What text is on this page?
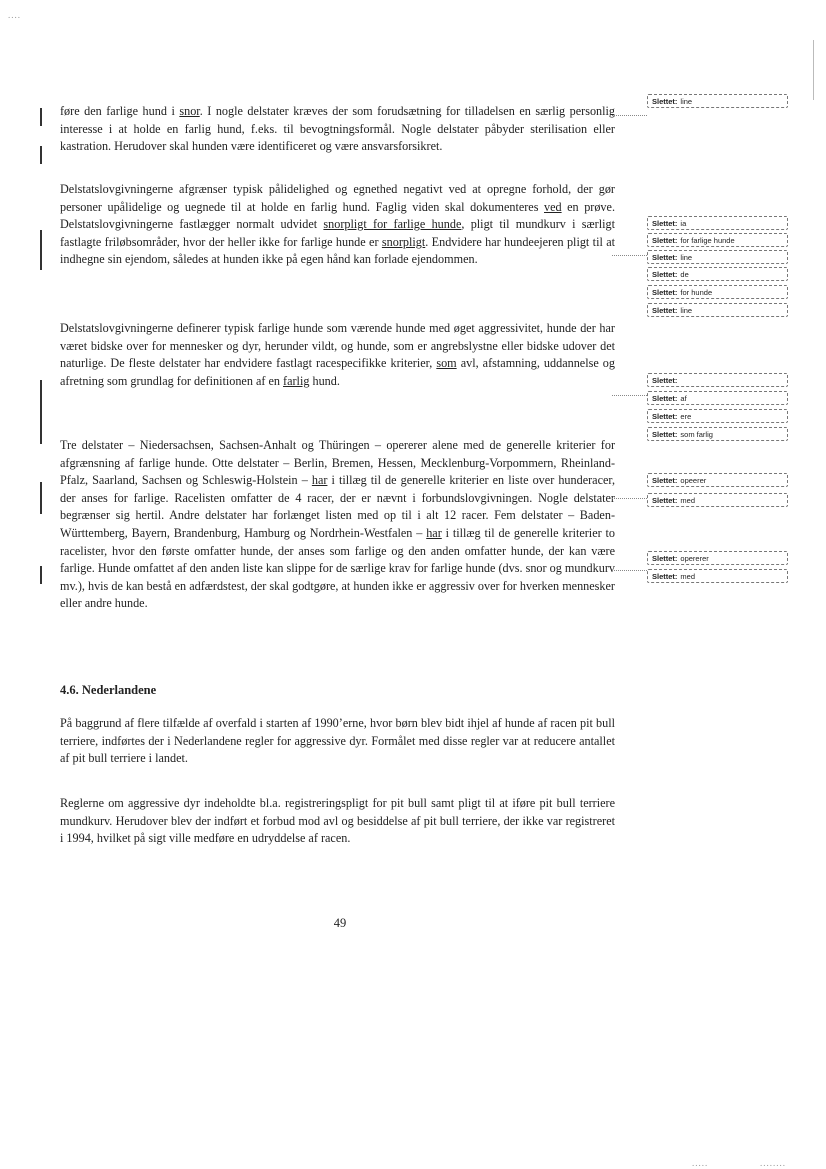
....
.....	........

føre den farlige hund i snor. I nogle delstater kræves der som forudsætning for tilladelsen en særlig personlig interesse i at holde en farlig hund, f.eks. til bevogtningsformål. Nogle delstater påbyder sterilisation eller kastration. Herudover skal hunden være identificeret og være ansvarsforsikret.

Delstatslovgivningerne afgrænser typisk pålidelighed og egnethed negativt ved at opregne forhold, der gør personer upålidelige og uegnede til at holde en farlig hund. Faglig viden skal dokumenteres ved en prøve. Delstatslovgivningerne fastlægger normalt udvidet snorpligt for farlige hunde, pligt til mundkurv i særligt fastlagte friløbsområder, hvor der heller ikke for farlige hunde er snorpligt. Endvidere har hundeejeren pligt til at indhegne sin ejendom, således at hunden ikke på egen hånd kan forlade ejendommen.

Delstatslovgivningerne definerer typisk farlige hunde som værende hunde med øget aggressivitet, hunde der har været bidske over for mennesker og dyr, herunder vildt, og hunde, som er angrebslystne eller bidske udover det naturlige. De fleste delstater har endvidere fastlagt racespecifikke kriterier, som avl, afstamning, uddannelse og afretning som grundlag for definitionen af en farlig hund.

Tre delstater – Niedersachsen, Sachsen-Anhalt og Thüringen – opererer alene med de generelle kriterier for afgrænsning af farlige hunde. Otte delstater – Berlin, Bremen, Hessen, Mecklenburg-Vorpommern, Rheinland-Pfalz, Saarland, Sachsen og Schleswig-Holstein – har i tillæg til de generelle kriterier en liste over hunderacer, der anses for farlige. Racelisten omfatter de 4 racer, der er nævnt i forbundslovgivningen. Nogle delstater begrænser sig hertil. Andre delstater har forlænget listen med op til i alt 12 racer. Fem delstater – Baden-Württemberg, Bayern, Brandenburg, Hamburg og Nordrhein-Westfalen – har i tillæg til de generelle kriterier to racelister, hvor den første omfatter hunde, der anses som farlige og den anden omfatter hunde, der kan være farlige. Hunde omfattet af den anden liste kan slippe for de særlige krav for farlige hunde (dvs. snor og mundkurv mv.), hvis de kan bestå en adfærdstest, der skal godtgøre, at hunden ikke er aggressiv over for hverken mennesker eller andre hunde.

4.6. Nederlandene

På baggrund af flere tilfælde af overfald i starten af 1990’erne, hvor børn blev bidt ihjel af hunde af racen pit bull terriere, indførtes der i Nederlandene regler for aggressive dyr. Formålet med disse regler var at reducere antallet af pit bull terriere i landet.

Reglerne om aggressive dyr indeholdte bl.a. registreringspligt for pit bull samt pligt til at iføre pit bull terriere mundkurv. Herudover blev der indført et forbud mod avl og besiddelse af pit bull terriere, der ikke var registreret i 1994, hvilket på sigt ville medføre en udryddelse af racen.

49
Slettet: line
Slettet: ia
Slettet: for farlige hunde
Slettet: line
Slettet: de
Slettet: for hunde
Slettet: line
Slettet:
Slettet: af
Slettet: ere
Slettet: som farlig
Slettet: opeerer
Slettet: med
Slettet: opererer
Slettet: med
